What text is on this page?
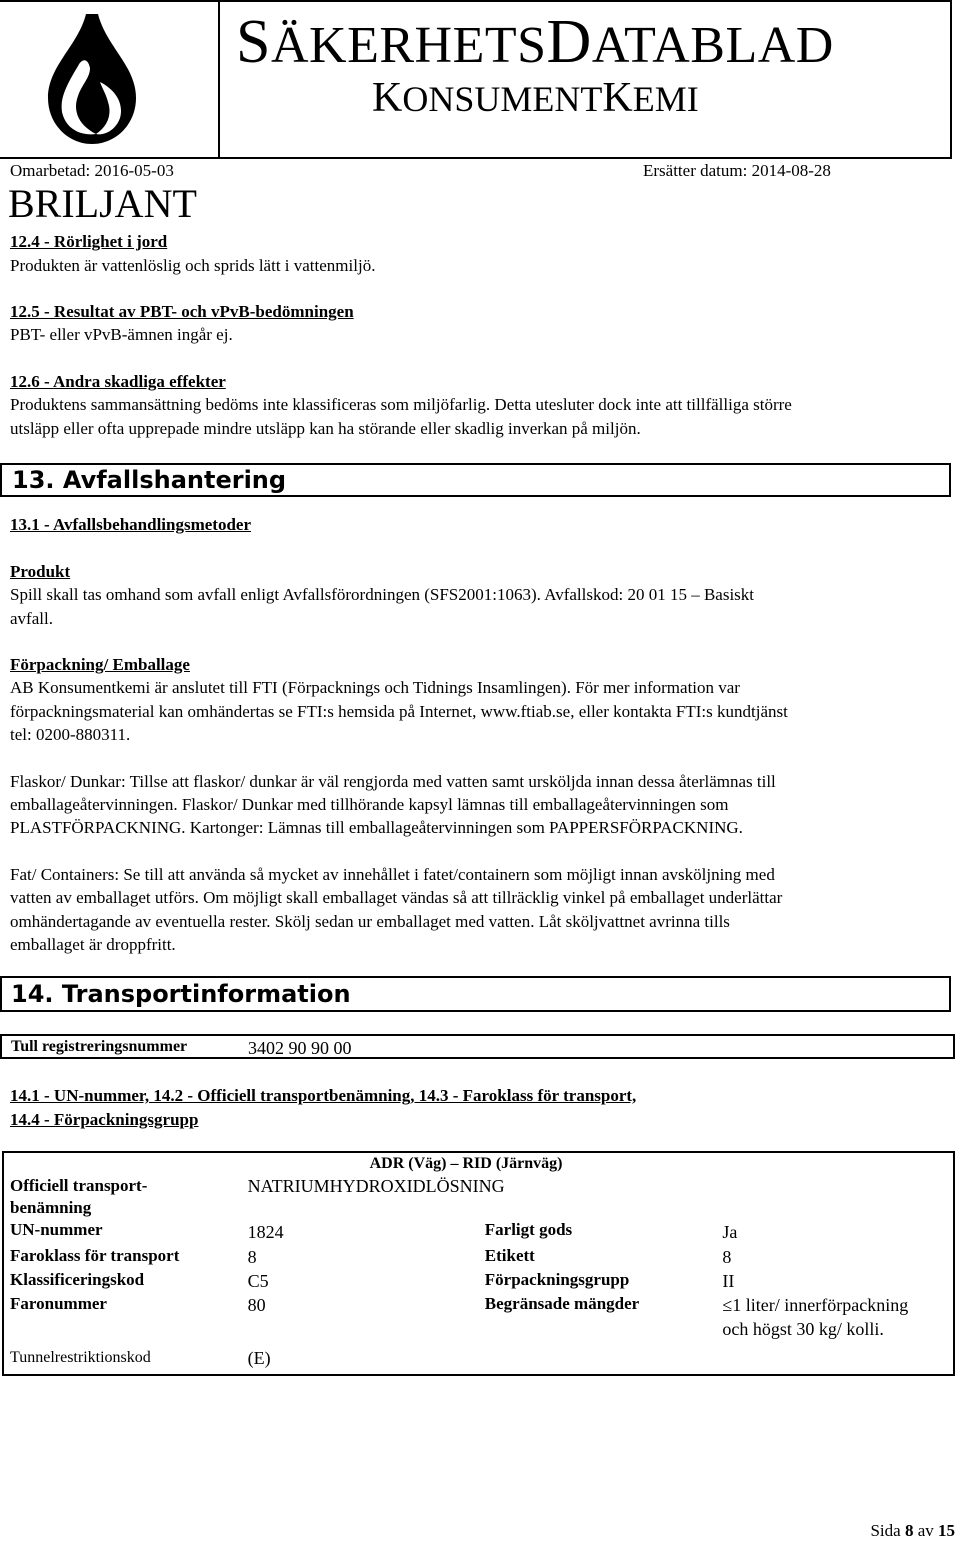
SÄKERHETSDATABLAD
KONSUMENTKEMI
Omarbetad: 2016-05-03	Ersätter datum: 2014-08-28
BRILJANT
12.4 - Rörlighet i jord
Produkten är vattenlöslig och sprids lätt i vattenmiljö.
12.5 - Resultat av PBT- och vPvB-bedömningen
PBT- eller vPvB-ämnen ingår ej.
12.6 - Andra skadliga effekter
Produktens sammansättning bedöms inte klassificeras som miljöfarlig. Detta utesluter dock inte att tillfälliga större
utsläpp eller ofta upprepade mindre utsläpp kan ha störande eller skadlig inverkan på miljön.
13. Avfallshantering
13.1 - Avfallsbehandlingsmetoder
Produkt
Spill skall tas omhand som avfall enligt Avfallsförordningen (SFS2001:1063). Avfallskod: 20 01 15 – Basiskt
avfall.
Förpackning/ Emballage
AB Konsumentkemi är anslutet till FTI (Förpacknings och Tidnings Insamlingen). För mer information var
förpackningsmaterial kan omhändertas se FTI:s hemsida på Internet, www.ftiab.se, eller kontakta FTI:s kundtjänst
tel: 0200-880311.
Flaskor/ Dunkar: Tillse att flaskor/ dunkar är väl rengjorda med vatten samt ursköljda innan dessa återlämnas till
emballageåtervinningen. Flaskor/ Dunkar med tillhörande kapsyl lämnas till emballageåtervinningen som
PLASTFÖRPACKNING. Kartonger: Lämnas till emballageåtervinningen som PAPPERSFÖRPACKNING.
Fat/ Containers: Se till att använda så mycket av innehållet i fatet/containern som möjligt innan avsköljning med
vatten av emballaget utförs. Om möjligt skall emballaget vändas så att tillräcklig vinkel på emballaget underlättar
omhändertagande av eventuella rester. Skölj sedan ur emballaget med vatten. Låt sköljvattnet avrinna tills
emballaget är droppfritt.
14. Transportinformation
Tull registreringsnummer	3402 90 90 00
14.1 - UN-nummer, 14.2 - Officiell transportbenämning, 14.3 - Faroklass för transport,
14.4 - Förpackningsgrupp
	ADR (Väg) – RID (Järnväg)		

Officiell transport-
benämning	NATRIUMHYDROXIDLÖSNING		
UN-nummer	1824	Farligt gods	Ja
Faroklass för transport	8	Etikett	8
Klassificeringskod	C5	Förpackningsgrupp	II
Faronummer	80	Begränsade mängder	≤1 liter/ innerförpackning
och högst 30 kg/ kolli.

Tunnelrestriktionskod	(E)		
Sida 8 av 15
